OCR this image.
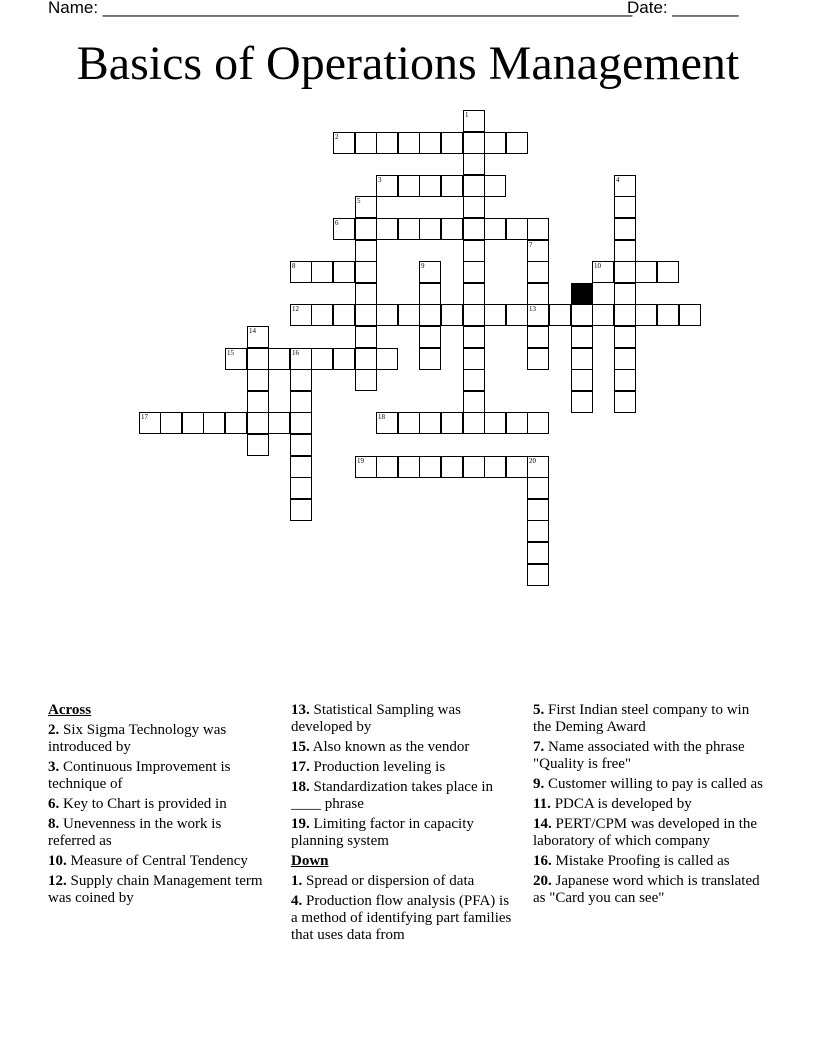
Name: ________________________________________________________
Date: _______
Basics of Operations Management
1
2
3	4
5
6
7
13
8	9	10
12
14
15	16
17	18
19	20
Across
2. Six Sigma Technology was introduced by
3. Continuous Improvement is technique of
6. Key to Chart is provided in
8. Unevenness in the work is referred as
10. Measure of Central Tendency
12. Supply chain Management term was coined by
13. Statistical Sampling was developed by
15. Also known as the vendor
17. Production leveling is
18. Standardization takes place in ____ phrase
19. Limiting factor in capacity planning system
Down
1. Spread or dispersion of data
4. Production flow analysis (PFA) is a method of identifying part families that uses data from
5. First Indian steel company to win the Deming Award
7. Name associated with the phrase "Quality is free"
9. Customer willing to pay is called as
11. PDCA is developed by
14. PERT/CPM was developed in the laboratory of which company
16. Mistake Proofing is called as
20. Japanese word which is translated as "Card you can see"
